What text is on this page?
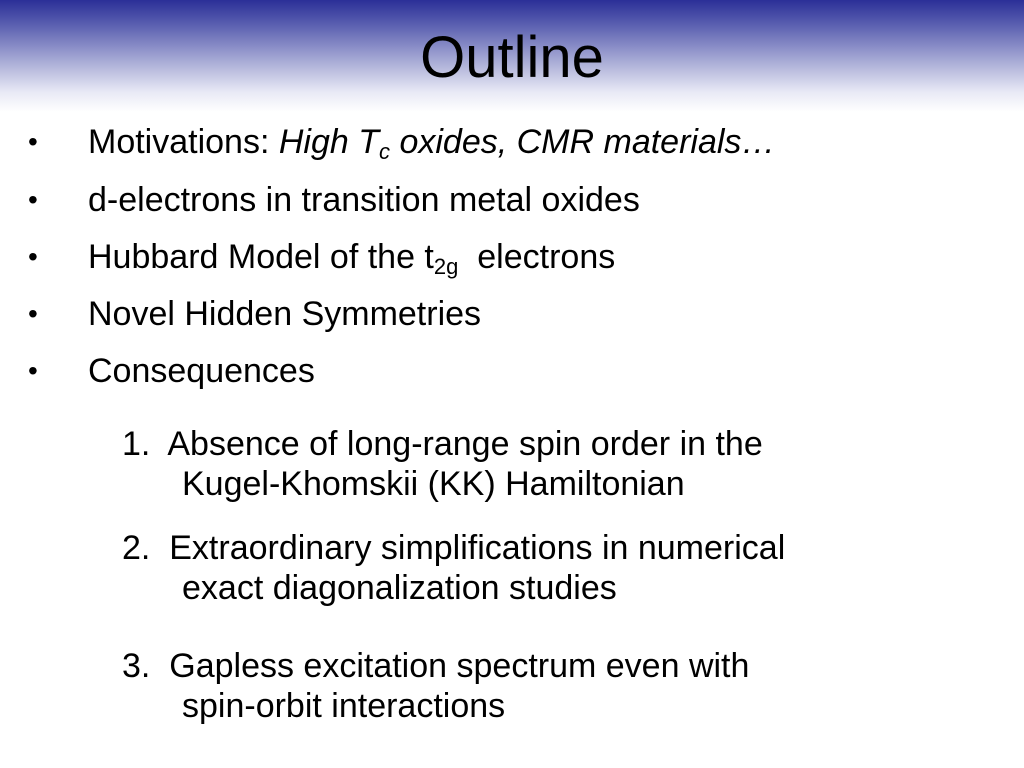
Outline
• Motivations: High $T_c$ oxides, CMR materials…
• d-electrons in transition metal oxides
• Hubbard Model of the $t_{2g}$  electrons
• Novel Hidden Symmetries
• Consequences
1.  Absence of long-range spin order in the
Kugel-Khomskii (KK) Hamiltonian
2.  Extraordinary simplifications in numerical
exact diagonalization studies
3.  Gapless excitation spectrum even with
spin-orbit interactions
